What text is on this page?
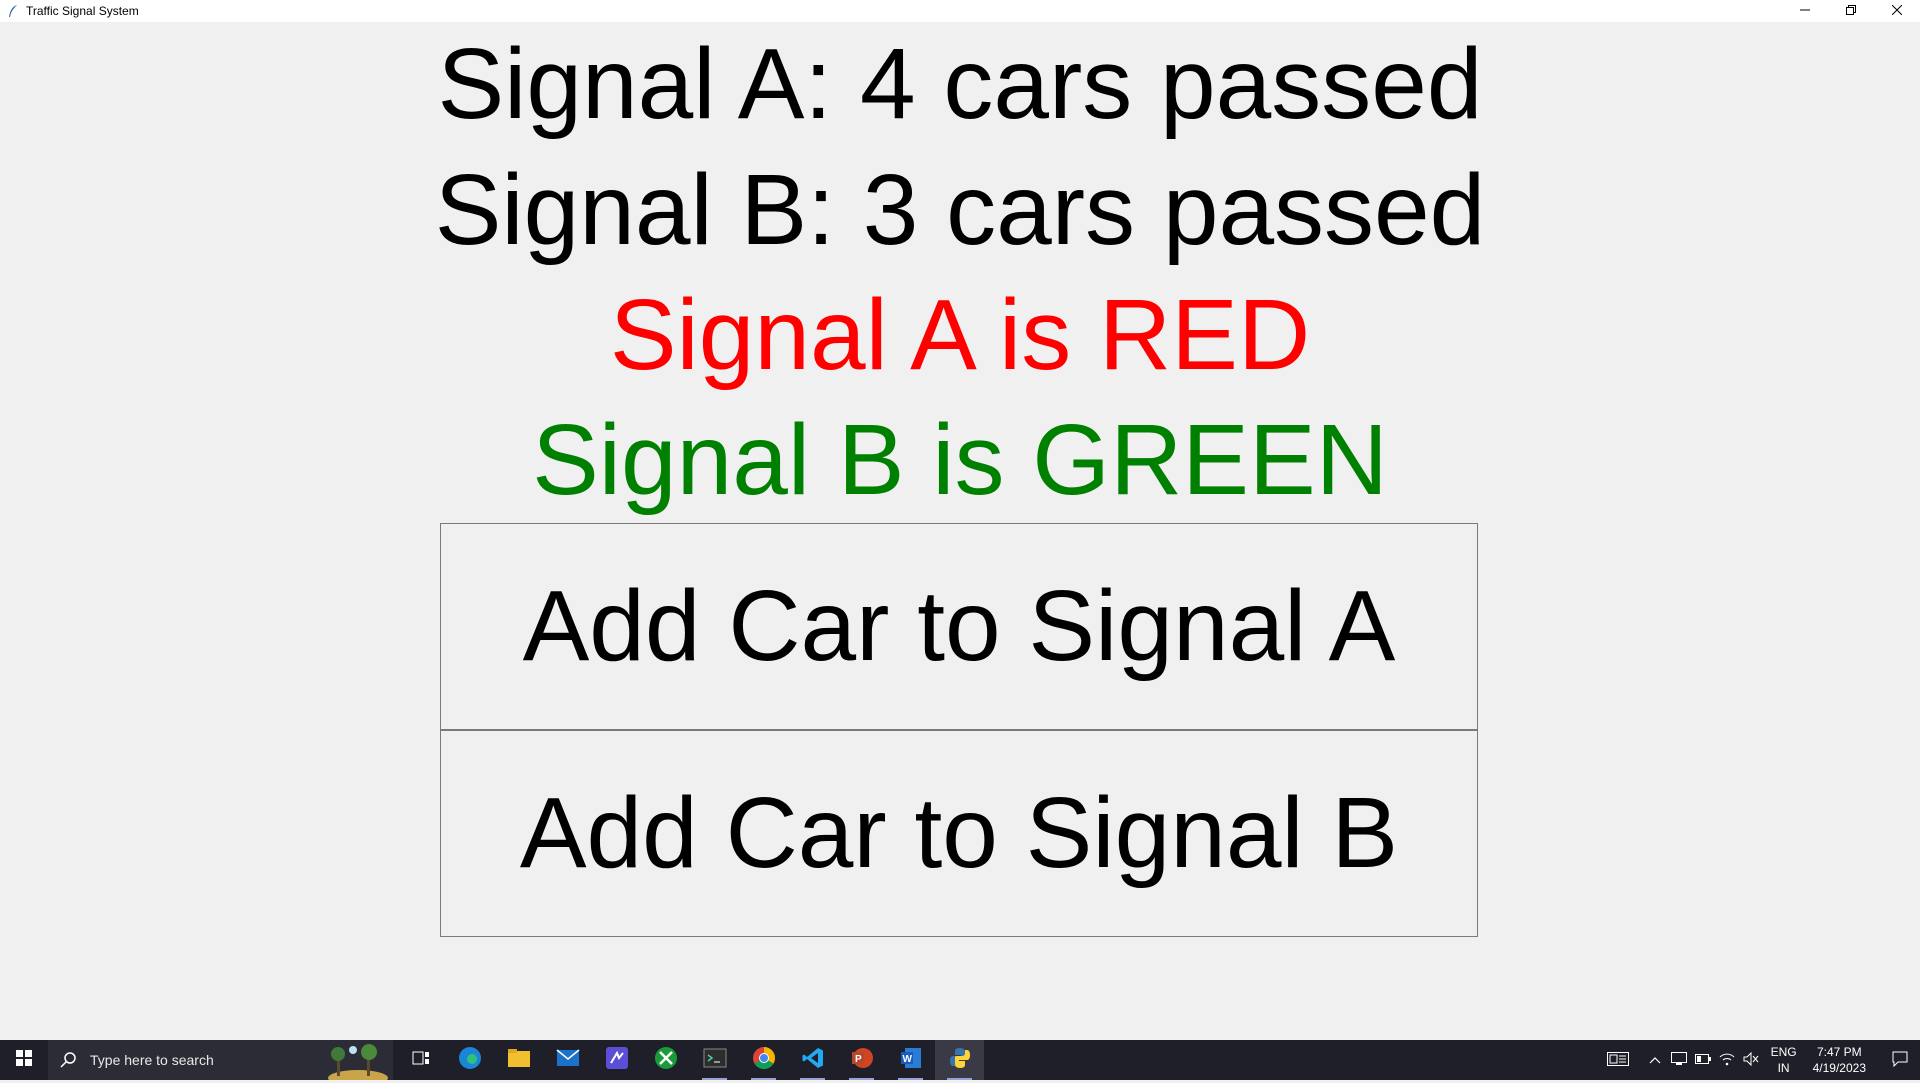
Traffic Signal System
Signal A: 4 cars passed
Signal B: 3 cars passed
Signal A is RED
Signal B is GREEN
Add Car to Signal A
Add Car to Signal B
Type here to search	P	W	ENG
IN
7:47 PM
4/19/2023
